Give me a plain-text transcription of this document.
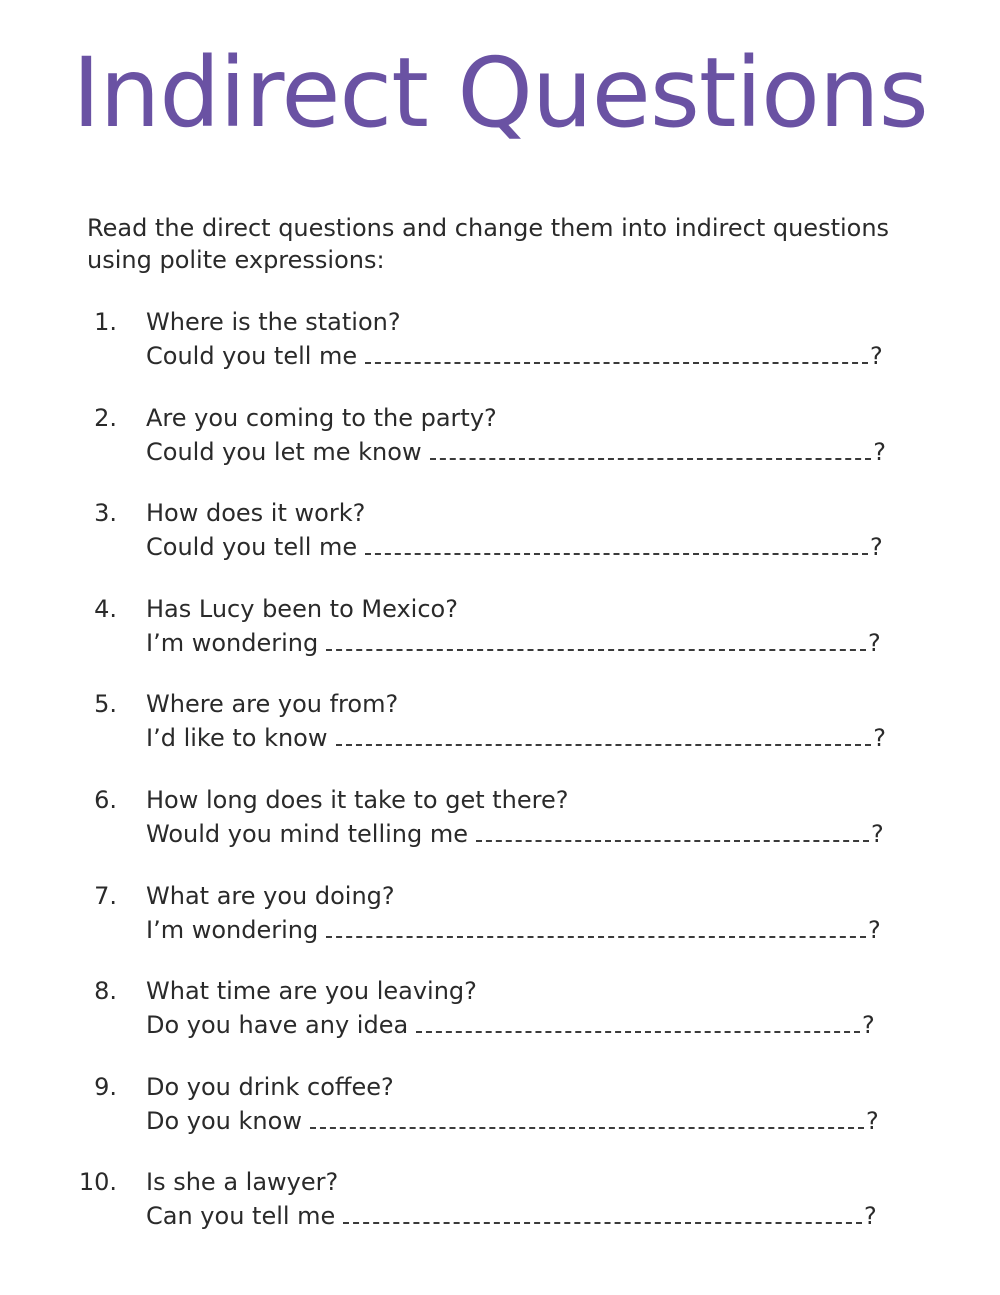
Indirect Questions
Read the direct questions and change them into indirect questions using polite expressions:
1. Where is the station?
Could you tell me	?
2. Are you coming to the party?
Could you let me know	?
3. How does it work?
Could you tell me	?
4. Has Lucy been to Mexico?
I’m wondering	?
5. Where are you from?
I’d like to know	?
6. How long does it take to get there?
Would you mind telling me	?
7. What are you doing?
I’m wondering	?
8. What time are you leaving?
Do you have any idea	?
9. Do you drink coffee?
Do you know	?
10. Is she a lawyer?
Can you tell me	?
